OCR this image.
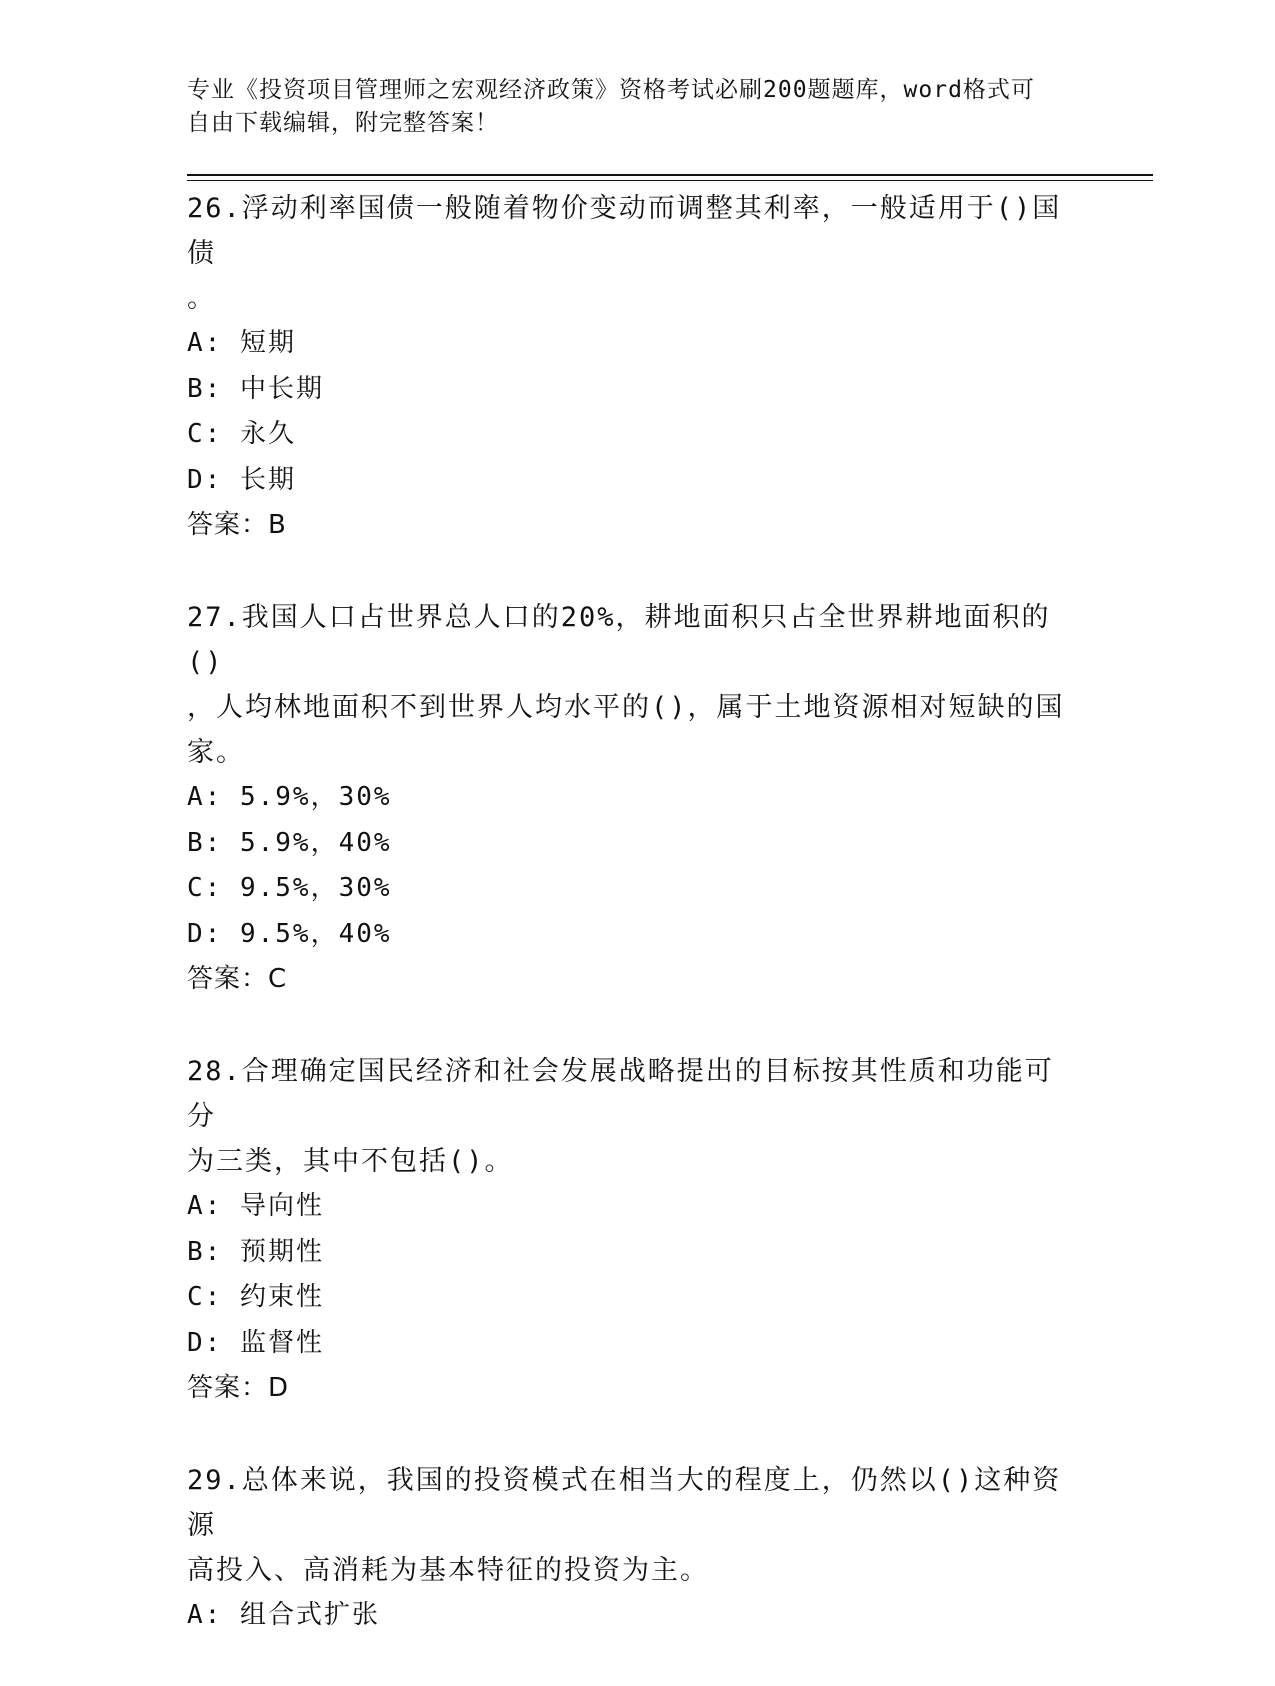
专业《投资项目管理师之宏观经济政策》资格考试必刷200题题库，word格式可
自由下载编辑，附完整答案！
26.浮动利率国债一般随着物价变动而调整其利率，一般适用于()国债
。
A: 短期
B: 中长期
C: 永久
D: 长期
答案：B
27.我国人口占世界总人口的20%，耕地面积只占全世界耕地面积的()
，人均林地面积不到世界人均水平的()，属于土地资源相对短缺的国
家。
A: 5.9%，30%
B: 5.9%，40%
C: 9.5%，30%
D: 9.5%，40%
答案：C
28.合理确定国民经济和社会发展战略提出的目标按其性质和功能可分
为三类，其中不包括()。
A: 导向性
B: 预期性
C: 约束性
D: 监督性
答案：D
29.总体来说，我国的投资模式在相当大的程度上，仍然以()这种资源
高投入、高消耗为基本特征的投资为主。
A: 组合式扩张
